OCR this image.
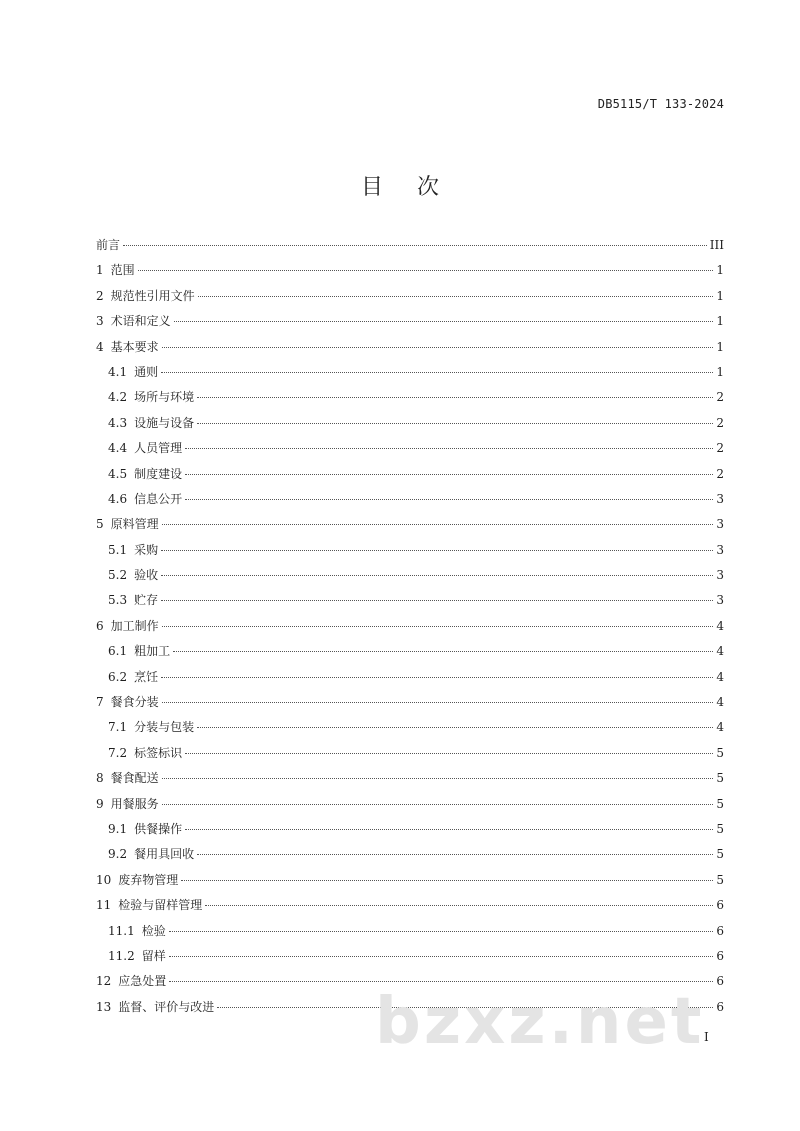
DB5115/T 133-2024
目次
前言	III
1 范围	1
2 规范性引用文件	1
3 术语和定义	1
4 基本要求	1
4.1 通则	1
4.2 场所与环境	2
4.3 设施与设备	2
4.4 人员管理	2
4.5 制度建设	2
4.6 信息公开	3
5 原料管理	3
5.1 采购	3
5.2 验收	3
5.3 贮存	3
6 加工制作	4
6.1 粗加工	4
6.2 烹饪	4
7 餐食分装	4
7.1 分装与包装	4
7.2 标签标识	5
8 餐食配送	5
9 用餐服务	5
9.1 供餐操作	5
9.2 餐用具回收	5
10 废弃物管理	5
11 检验与留样管理	6
11.1 检验	6
11.2 留样	6
12 应急处置	6
13 监督、评价与改进	6
I
bzxz.net
